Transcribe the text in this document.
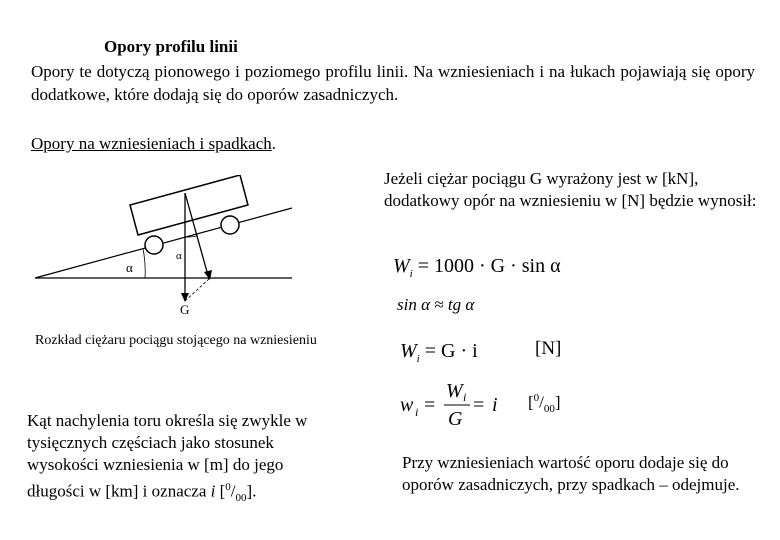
Opory profilu linii

Opory te dotyczą pionowego i poziomego profilu linii. Na wzniesieniach i na łukach pojawiają się opory dodatkowe, które dodają się do oporów zasadniczych.

Opory na wzniesieniach i spadkach.

Jeżeli ciężar pociągu G wyrażony jest w [kN], dodatkowy opór na wzniesieniu w [N] będzie wynosił:

α
α
G

Rozkład ciężaru pociągu stojącego na wzniesieniu

Kąt nachylenia toru określa się zwykle w tysięcznych częściach jako stosunek wysokości wzniesienia w [m] do jego długości w [km] i oznacza i $[^0/_{00}]$.

$W_i = 1000 \cdot G \cdot \sin \alpha$
sin α ≈ tg α
$W_i = G \cdot i$	[N]
w i =
W i
G
= i $[^0/_{00}]$

Przy wzniesieniach wartość oporu dodaje się do oporów zasadniczych, przy spadkach – odejmuje.
